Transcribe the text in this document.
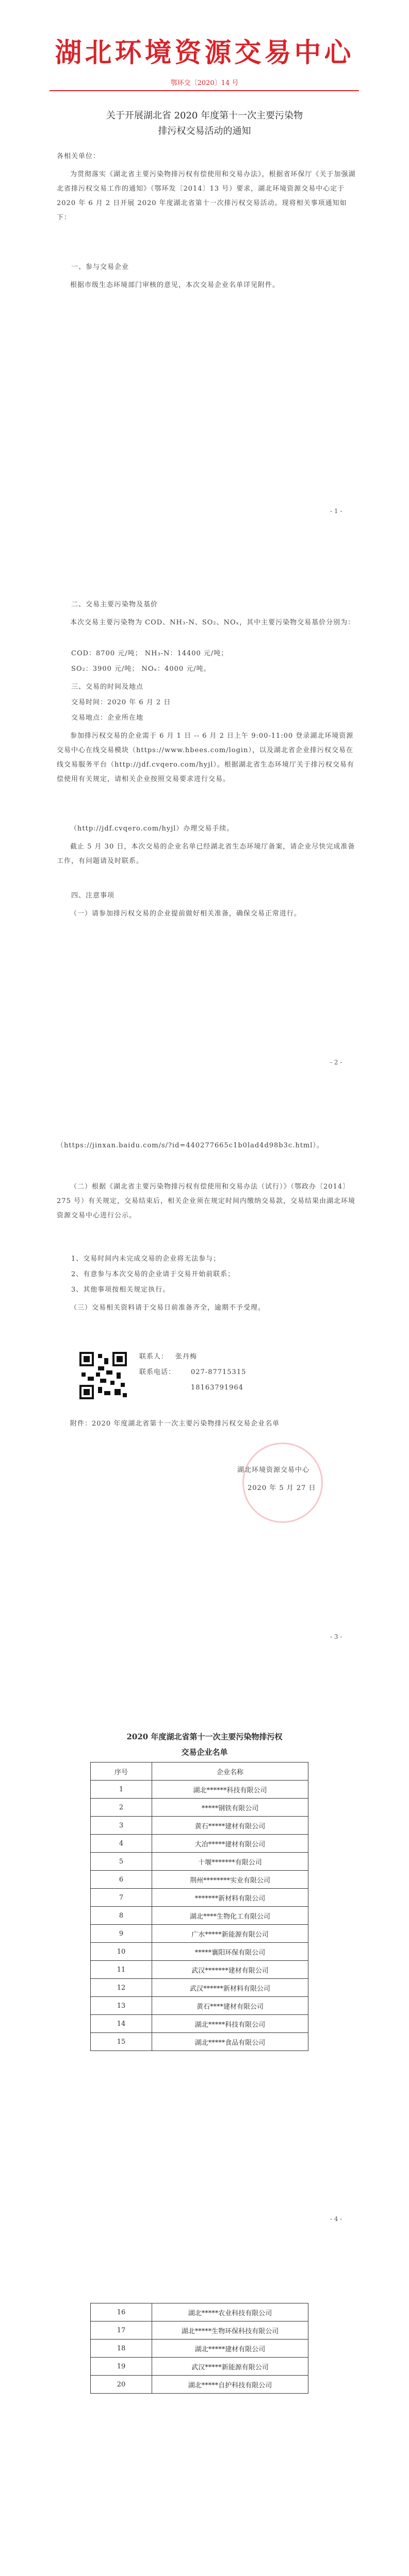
湖北环境资源交易中心
鄂环交〔2020〕14 号
关于开展湖北省 2020 年度第十一次主要污染物
排污权交易活动的通知
各相关单位：
为贯彻落实《湖北省主要污染物排污权有偿使用和交易办法》，根据省环保厅《关于加强湖北省排污权交易工作的通知》（鄂环发〔2014〕13 号）要求，湖北环境资源交易中心定于 2020 年 6 月 2 日开展 2020 年度湖北省第十一次排污权交易活动。现将相关事项通知如下：
一、参与交易企业
根据市级生态环境部门审核的意见，本次交易企业名单详见附件。
- 1 -
二、交易主要污染物及基价
本次交易主要污染物为 COD、NH₃-N、SO₂、NOₓ，其中主要污染物交易基价分别为：
COD：8700 元/吨； NH₃-N：14400 元/吨；
SO₂：3900 元/吨； NOₓ：4000 元/吨。
三、交易的时间及地点
交易时间：2020 年 6 月 2 日
交易地点：企业所在地
参加排污权交易的企业需于 6 月 1 日 -- 6 月 2 日上午 9:00-11:00 登录湖北环境资源交易中心在线交易模块（https://www.hbees.com/login），以及湖北省企业排污权交易在线交易服务平台（http://jdf.cvqero.com/hyjl）。根据湖北省生态环境厅关于排污权交易有偿使用有关规定，请相关企业按照交易要求进行交易。
（http://jdf.cvqero.com/hyjl）办理交易手续。
截止 5 月 30 日，本次交易的企业名单已经湖北省生态环境厅备案，请企业尽快完成准备工作，有问题请及时联系。
四、注意事项
（一）请参加排污权交易的企业提前做好相关准备，确保交易正常进行。
- 2 -
（https://jinxan.baidu.com/s/?id=440277665c1b0lad4d98b3c.html）。
（二）根据《湖北省主要污染物排污权有偿使用和交易办法（试行）》（鄂政办〔2014〕275 号）有关规定，交易结束后，相关企业须在规定时间内缴纳交易款，交易结果由湖北环境资源交易中心进行公示。
1、交易时间内未完成交易的企业将无法参与；
2、有意参与本次交易的企业请于交易开始前联系；
3、其他事项按相关规定执行。
（三）交易相关资料请于交易日前准备齐全，逾期不予受理。
联系人： 张丹梅
联系电话： 027-87715315
18163791964
附件：2020 年度湖北省第十一次主要污染物排污权交易企业名单
湖北环境资源交易中心
2020 年 5 月 27 日
- 3 -
2020 年度湖北省第十一次主要污染物排污权
交易企业名单
序号	企业名称
1	湖北******科技有限公司
2	*****钢铁有限公司
3	黄石*****建材有限公司
4	大冶*****建材有限公司
5	十堰*******有限公司
6	荆州********实业有限公司
7	*******新材料有限公司
8	湖北****生物化工有限公司
9	广水*****新能源有限公司
10	*****襄阳环保有限公司
11	武汉*******建材有限公司
12	武汉******新材料有限公司
13	黄石****建材有限公司
14	湖北*****科技有限公司
15	湖北*****食品有限公司
- 4 -
16	湖北*****农业科技有限公司
17	湖北*****生物环保科技有限公司
18	湖北*****建材有限公司
19	武汉*****新能源有限公司
20	湖北*****自护科技有限公司
